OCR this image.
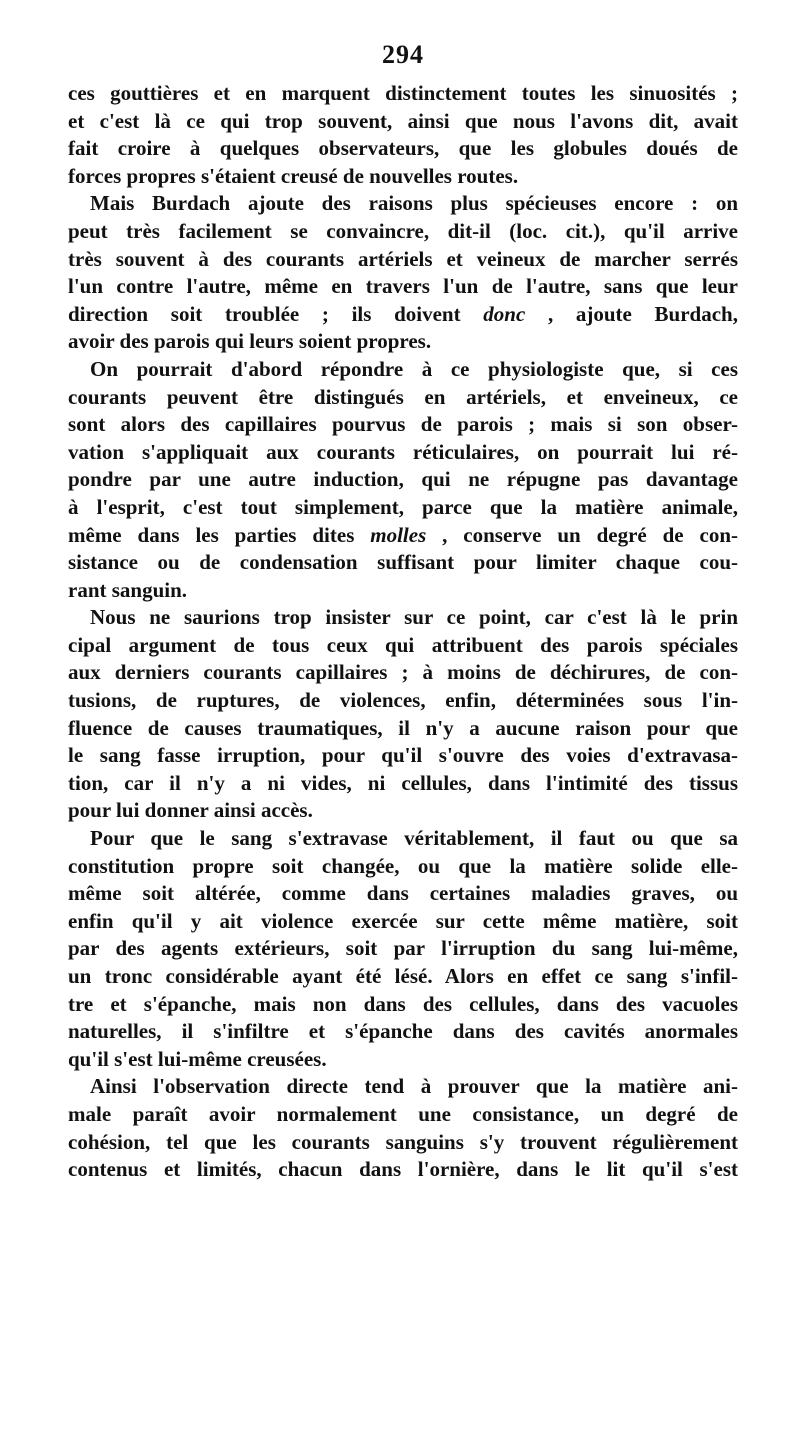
294
ces gouttières et en marquent distinctement toutes les sinuosités ;
et c'est là ce qui trop souvent, ainsi que nous l'avons dit, avait
fait croire à quelques observateurs, que les globules doués de
forces propres s'étaient creusé de nouvelles routes.
Mais Burdach ajoute des raisons plus spécieuses encore : on
peut très facilement se convaincre, dit-il (loc. cit.), qu'il arrive
très souvent à des courants artériels et veineux de marcher serrés
l'un contre l'autre, même en travers l'un de l'autre, sans que leur
direction soit troublée ; ils doivent donc , ajoute Burdach,
avoir des parois qui leurs soient propres.
On pourrait d'abord répondre à ce physiologiste que, si ces
courants peuvent être distingués en artériels, et enveineux, ce
sont alors des capillaires pourvus de parois ; mais si son obser-
vation s'appliquait aux courants réticulaires, on pourrait lui ré-
pondre par une autre induction, qui ne répugne pas davantage
à l'esprit, c'est tout simplement, parce que la matière animale,
même dans les parties dites molles , conserve un degré de con-
sistance ou de condensation suffisant pour limiter chaque cou-
rant sanguin.
Nous ne saurions trop insister sur ce point, car c'est là le prin
cipal argument de tous ceux qui attribuent des parois spéciales
aux derniers courants capillaires ; à moins de déchirures, de con-
tusions, de ruptures, de violences, enfin, déterminées sous l'in-
fluence de causes traumatiques, il n'y a aucune raison pour que
le sang fasse irruption, pour qu'il s'ouvre des voies d'extravasa-
tion, car il n'y a ni vides, ni cellules, dans l'intimité des tissus
pour lui donner ainsi accès.
Pour que le sang s'extravase véritablement, il faut ou que sa
constitution propre soit changée, ou que la matière solide elle-
même soit altérée, comme dans certaines maladies graves, ou
enfin qu'il y ait violence exercée sur cette même matière, soit
par des agents extérieurs, soit par l'irruption du sang lui-même,
un tronc considérable ayant été lésé. Alors en effet ce sang s'infil-
tre et s'épanche, mais non dans des cellules, dans des vacuoles
naturelles, il s'infiltre et s'épanche dans des cavités anormales
qu'il s'est lui-même creusées.
Ainsi l'observation directe tend à prouver que la matière ani-
male paraît avoir normalement une consistance, un degré de
cohésion, tel que les courants sanguins s'y trouvent régulièrement
contenus et limités, chacun dans l'ornière, dans le lit qu'il s'est
